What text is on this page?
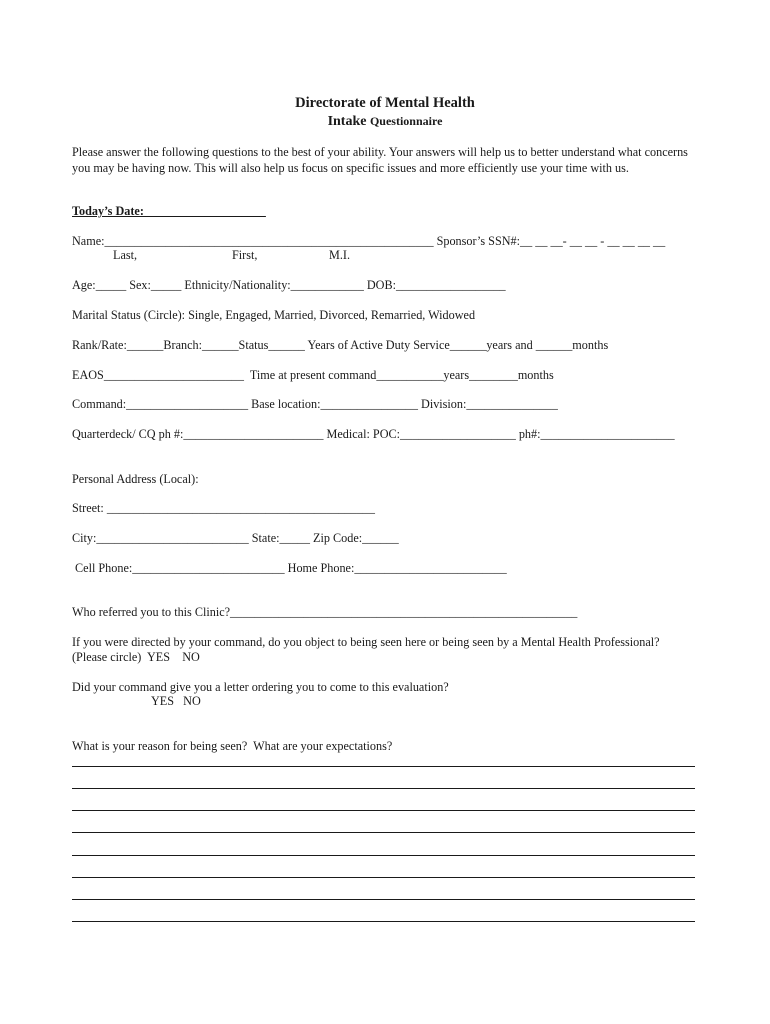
Directorate of Mental Health
Intake Questionnaire
Please answer the following questions to the best of your ability. Your answers will help us to better understand what concerns you may be having now. This will also help us focus on specific issues and more efficiently use your time with us.
Today’s Date:____________________
Name:______________________________________________________ Sponsor’s SSN#:__ __ __- __ __ - __ __ __ __
Last,	First,	M.I.
Age:_____ Sex:_____ Ethnicity/Nationality:____________ DOB:__________________
Marital Status (Circle): Single, Engaged, Married, Divorced, Remarried, Widowed
Rank/Rate:______Branch:______Status______ Years of Active Duty Service______years and ______months
EAOS_______________________  Time at present command___________years________months
Command:____________________ Base location:________________ Division:_______________
Quarterdeck/ CQ ph #:_______________________ Medical: POC:___________________ ph#:______________________
Personal Address (Local):
Street: ____________________________________________
City:_________________________ State:_____ Zip Code:______
Cell Phone:_________________________ Home Phone:_________________________
Who referred you to this Clinic?_________________________________________________________
If you were directed by your command, do you object to being seen here or being seen by a Mental Health Professional?
(Please circle)  YES    NO
Did your command give you a letter ordering you to come to this evaluation?
YES   NO
What is your reason for being seen?  What are your expectations?
